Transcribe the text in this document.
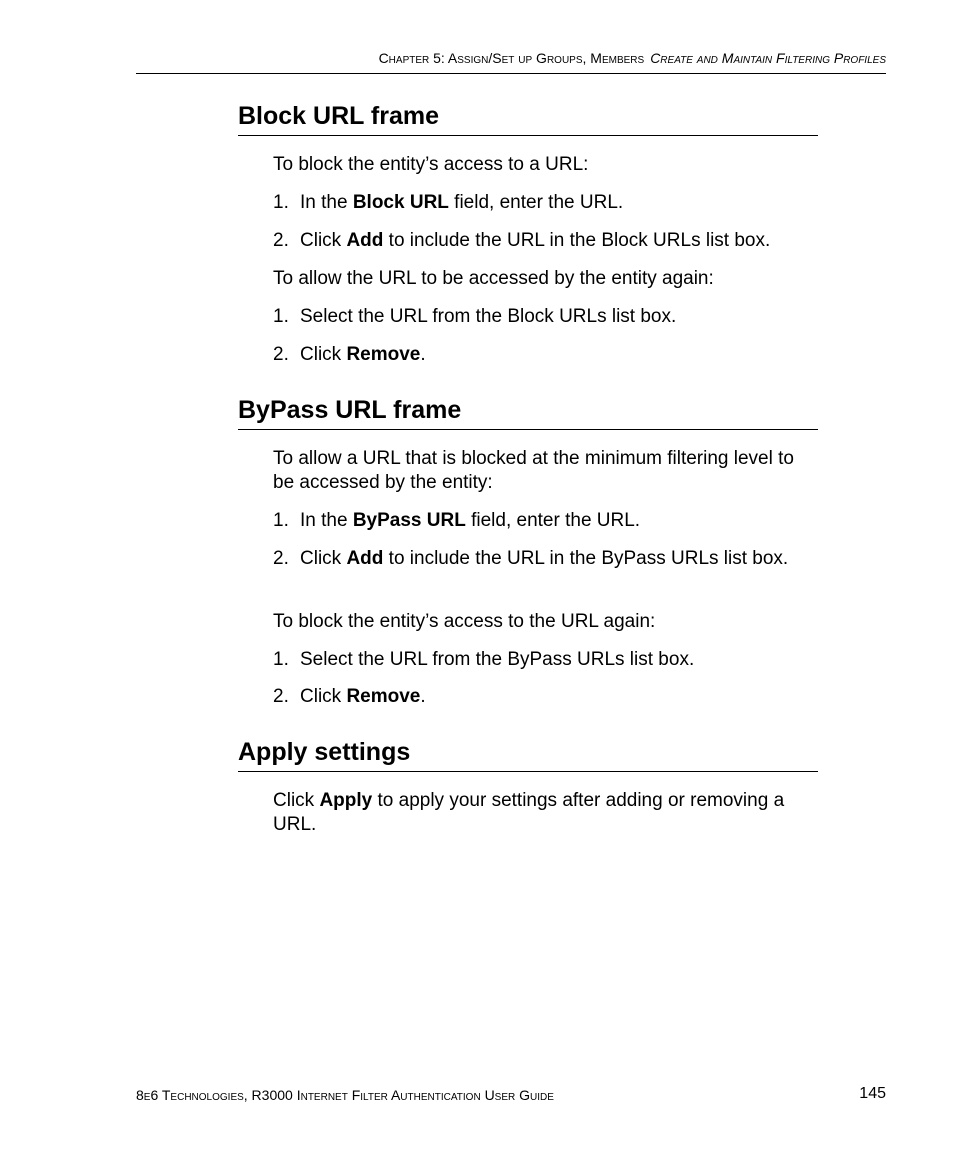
Chapter 5: Assign/Set up Groups, Members Create and Maintain Filtering Profiles
Block URL frame

To block the entity’s access to a URL:

1. In the Block URL field, enter the URL.

2. Click Add to include the URL in the Block URLs list box.

To allow the URL to be accessed by the entity again:

1. Select the URL from the Block URLs list box.

2. Click Remove.

ByPass URL frame

To allow a URL that is blocked at the minimum filtering level to be accessed by the entity:

1. In the ByPass URL field, enter the URL.

2. Click Add to include the URL in the ByPass URLs list box.

To block the entity’s access to the URL again:

1. Select the URL from the ByPass URLs list box.

2. Click Remove.

Apply settings

Click Apply to apply your settings after adding or removing a URL.

8e6 Technologies, R3000 Internet Filter Authentication User Guide	145
